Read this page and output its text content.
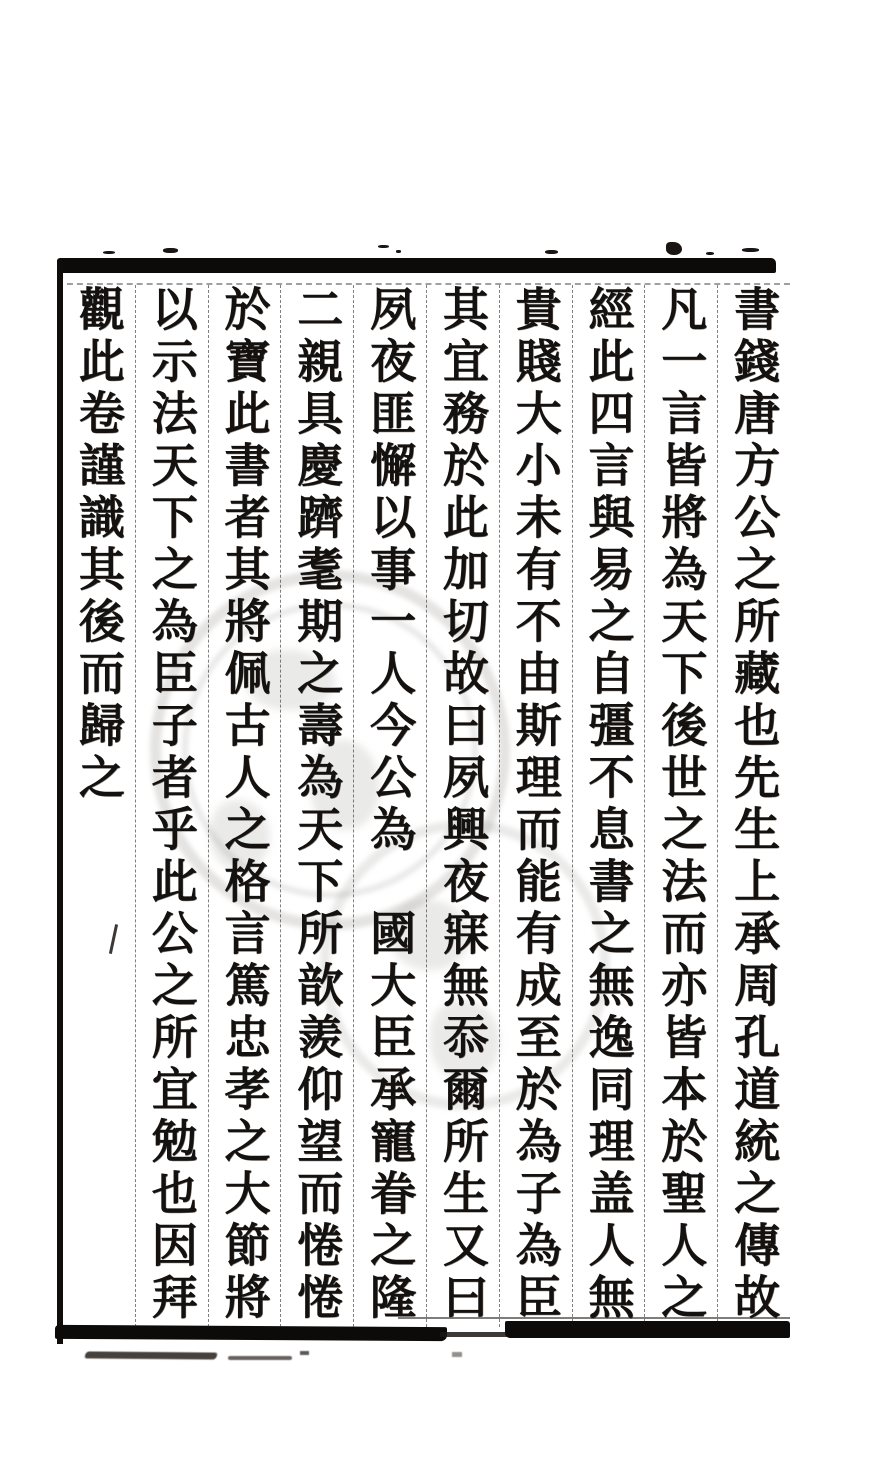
觀此卷謹識其後而歸之 以示法天下之為臣子者乎此公之所宜勉也因拜 於寶此書者其將佩古人之格言篤忠孝之大節將 二親具慶躋耄期之壽為天下所歆羨仰望而惓惓 夙夜匪懈以事一人今公為　國大臣承寵眷之隆 其宜務於此加切故曰夙興夜寐無忝爾所生又曰 貴賤大小未有不由斯理而能有成至於為子為臣 經此四言與易之自彊不息書之無逸同理盖人無 凡一言皆將為天下後世之法而亦皆本於聖人之 書錢唐方公之所藏也先生上承周孔道統之傳故
